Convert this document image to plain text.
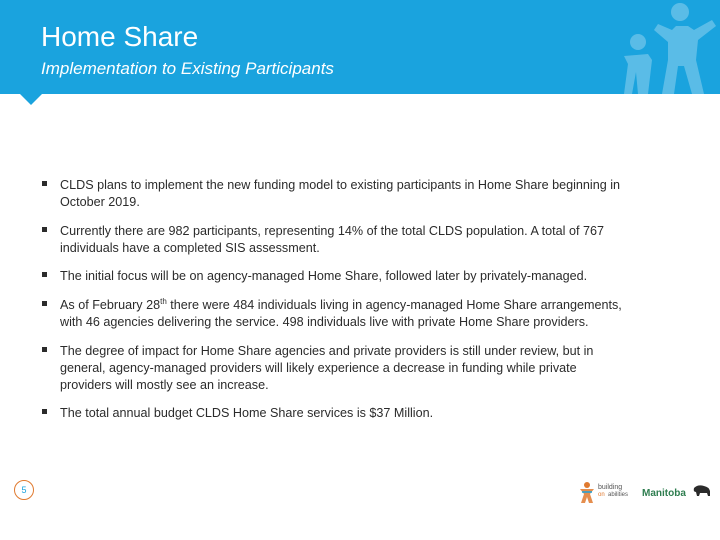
Home Share
Implementation to Existing Participants
CLDS plans to implement the new funding model to existing participants in Home Share beginning in
October 2019.
Currently there are 982 participants, representing 14% of the total CLDS population. A total of 767
individuals have a completed SIS assessment.
The initial focus will be on agency-managed Home Share, followed later by privately-managed.
As of February 28th there were 484 individuals living in agency-managed Home Share arrangements,
with 46 agencies delivering the service. 498 individuals live with private Home Share providers.
The degree of impact for Home Share agencies and private providers is still under review, but in
general, agency-managed providers will likely experience a decrease in funding while private
providers will mostly see an increase.
The total annual budget CLDS Home Share services is $37 Million.
5	building
on abilities Manitoba
